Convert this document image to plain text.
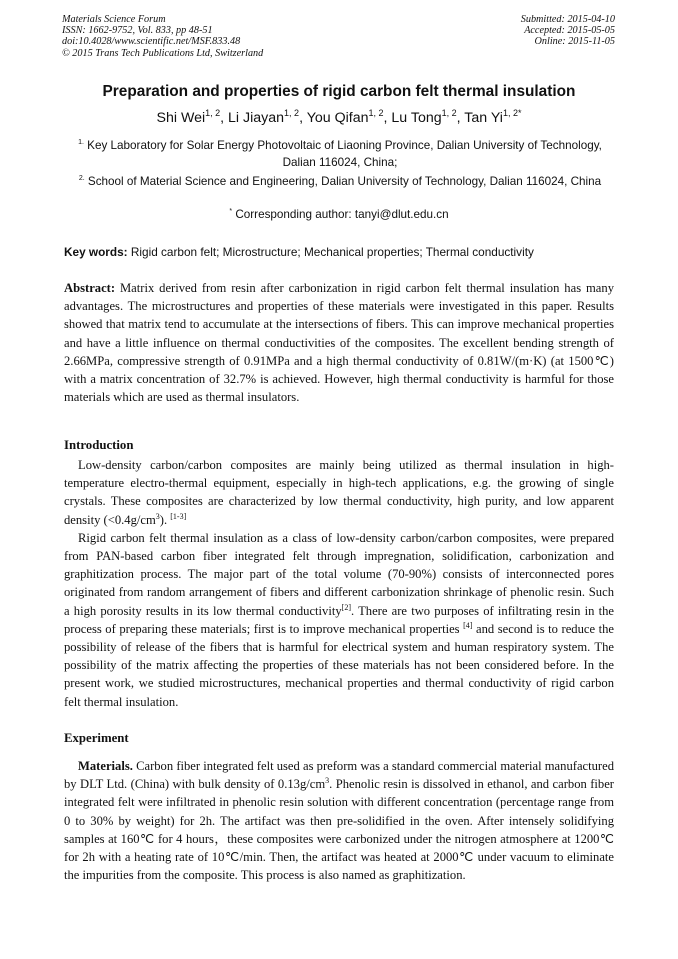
Materials Science Forum
ISSN: 1662-9752, Vol. 833, pp 48-51
doi:10.4028/www.scientific.net/MSF.833.48
© 2015 Trans Tech Publications Ltd, Switzerland
Submitted: 2015-04-10
Accepted: 2015-05-05
Online: 2015-11-05
Preparation and properties of rigid carbon felt thermal insulation
Shi Wei$^{1, 2}$, Li Jiayan$^{1, 2}$, You Qifan$^{1, 2}$, Lu Tong$^{1, 2}$, Tan $Yi^{1, 2*}$
$^{1.}$ Key Laboratory for Solar Energy Photovoltaic of Liaoning Province, Dalian University of Technology, Dalian 116024, China;
$^{2.}$ School of Material Science and Engineering, Dalian University of Technology, Dalian 116024, China
* Corresponding author: tanyi@dlut.edu.cn
Key words: Rigid carbon felt; Microstructure; Mechanical properties; Thermal conductivity

Abstract: Matrix derived from resin after carbonization in rigid carbon felt thermal insulation has many advantages. The microstructures and properties of these materials were investigated in this paper. Results showed that matrix tend to accumulate at the intersections of fibers. This can improve mechanical properties and have a little influence on thermal conductivities of the composites. The excellent bending strength of 2.66MPa, compressive strength of 0.91MPa and a high thermal conductivity of 0.81W/(m·K) (at 1500℃) with a matrix concentration of 32.7% is achieved. However, high thermal conductivity is harmful for those materials which are used as thermal insulators.

Introduction

Low-density carbon/carbon composites are mainly being utilized as thermal insulation in high-temperature electro-thermal equipment, especially in high-tech applications, e.g. the growing of single crystals. These composites are characterized by low thermal conductivity, high purity, and low apparent density $(<0.4g/cm^3)$. [1-3]

Rigid carbon felt thermal insulation as a class of low-density carbon/carbon composites, were prepared from PAN-based carbon fiber integrated felt through impregnation, solidification, carbonization and graphitization process. The major part of the total volume (70-90%) consists of interconnected pores originated from random arrangement of fibers and different carbonization shrinkage of phenolic resin. Such a high porosity results in its low thermal conductivity[2]. There are two purposes of infiltrating resin in the process of preparing these materials; first is to improve mechanical properties [4] and second is to reduce the possibility of release of the fibers that is harmful for electrical system and human respiratory system. The possibility of the matrix affecting the properties of these materials has not been considered before. In the present work, we studied microstructures, mechanical properties and thermal conductivity of rigid carbon felt thermal insulation.

Experiment

Materials. Carbon fiber integrated felt used as preform was a standard commercial material manufactured by DLT Ltd. (China) with bulk density of $0.13g/cm^3$. Phenolic resin is dissolved in ethanol, and carbon fiber integrated felt were infiltrated in phenolic resin solution with different concentration (percentage range from 0 to 30% by weight) for 2h. The artifact was then pre-solidified in the oven. After intensely solidifying samples at 160℃ for 4 hours，these composites were carbonized under the nitrogen atmosphere at 1200℃ for 2h with a heating rate of 10℃/min. Then, the artifact was heated at 2000℃ under vacuum to eliminate the impurities from the composite. This process is also named as graphitization.
